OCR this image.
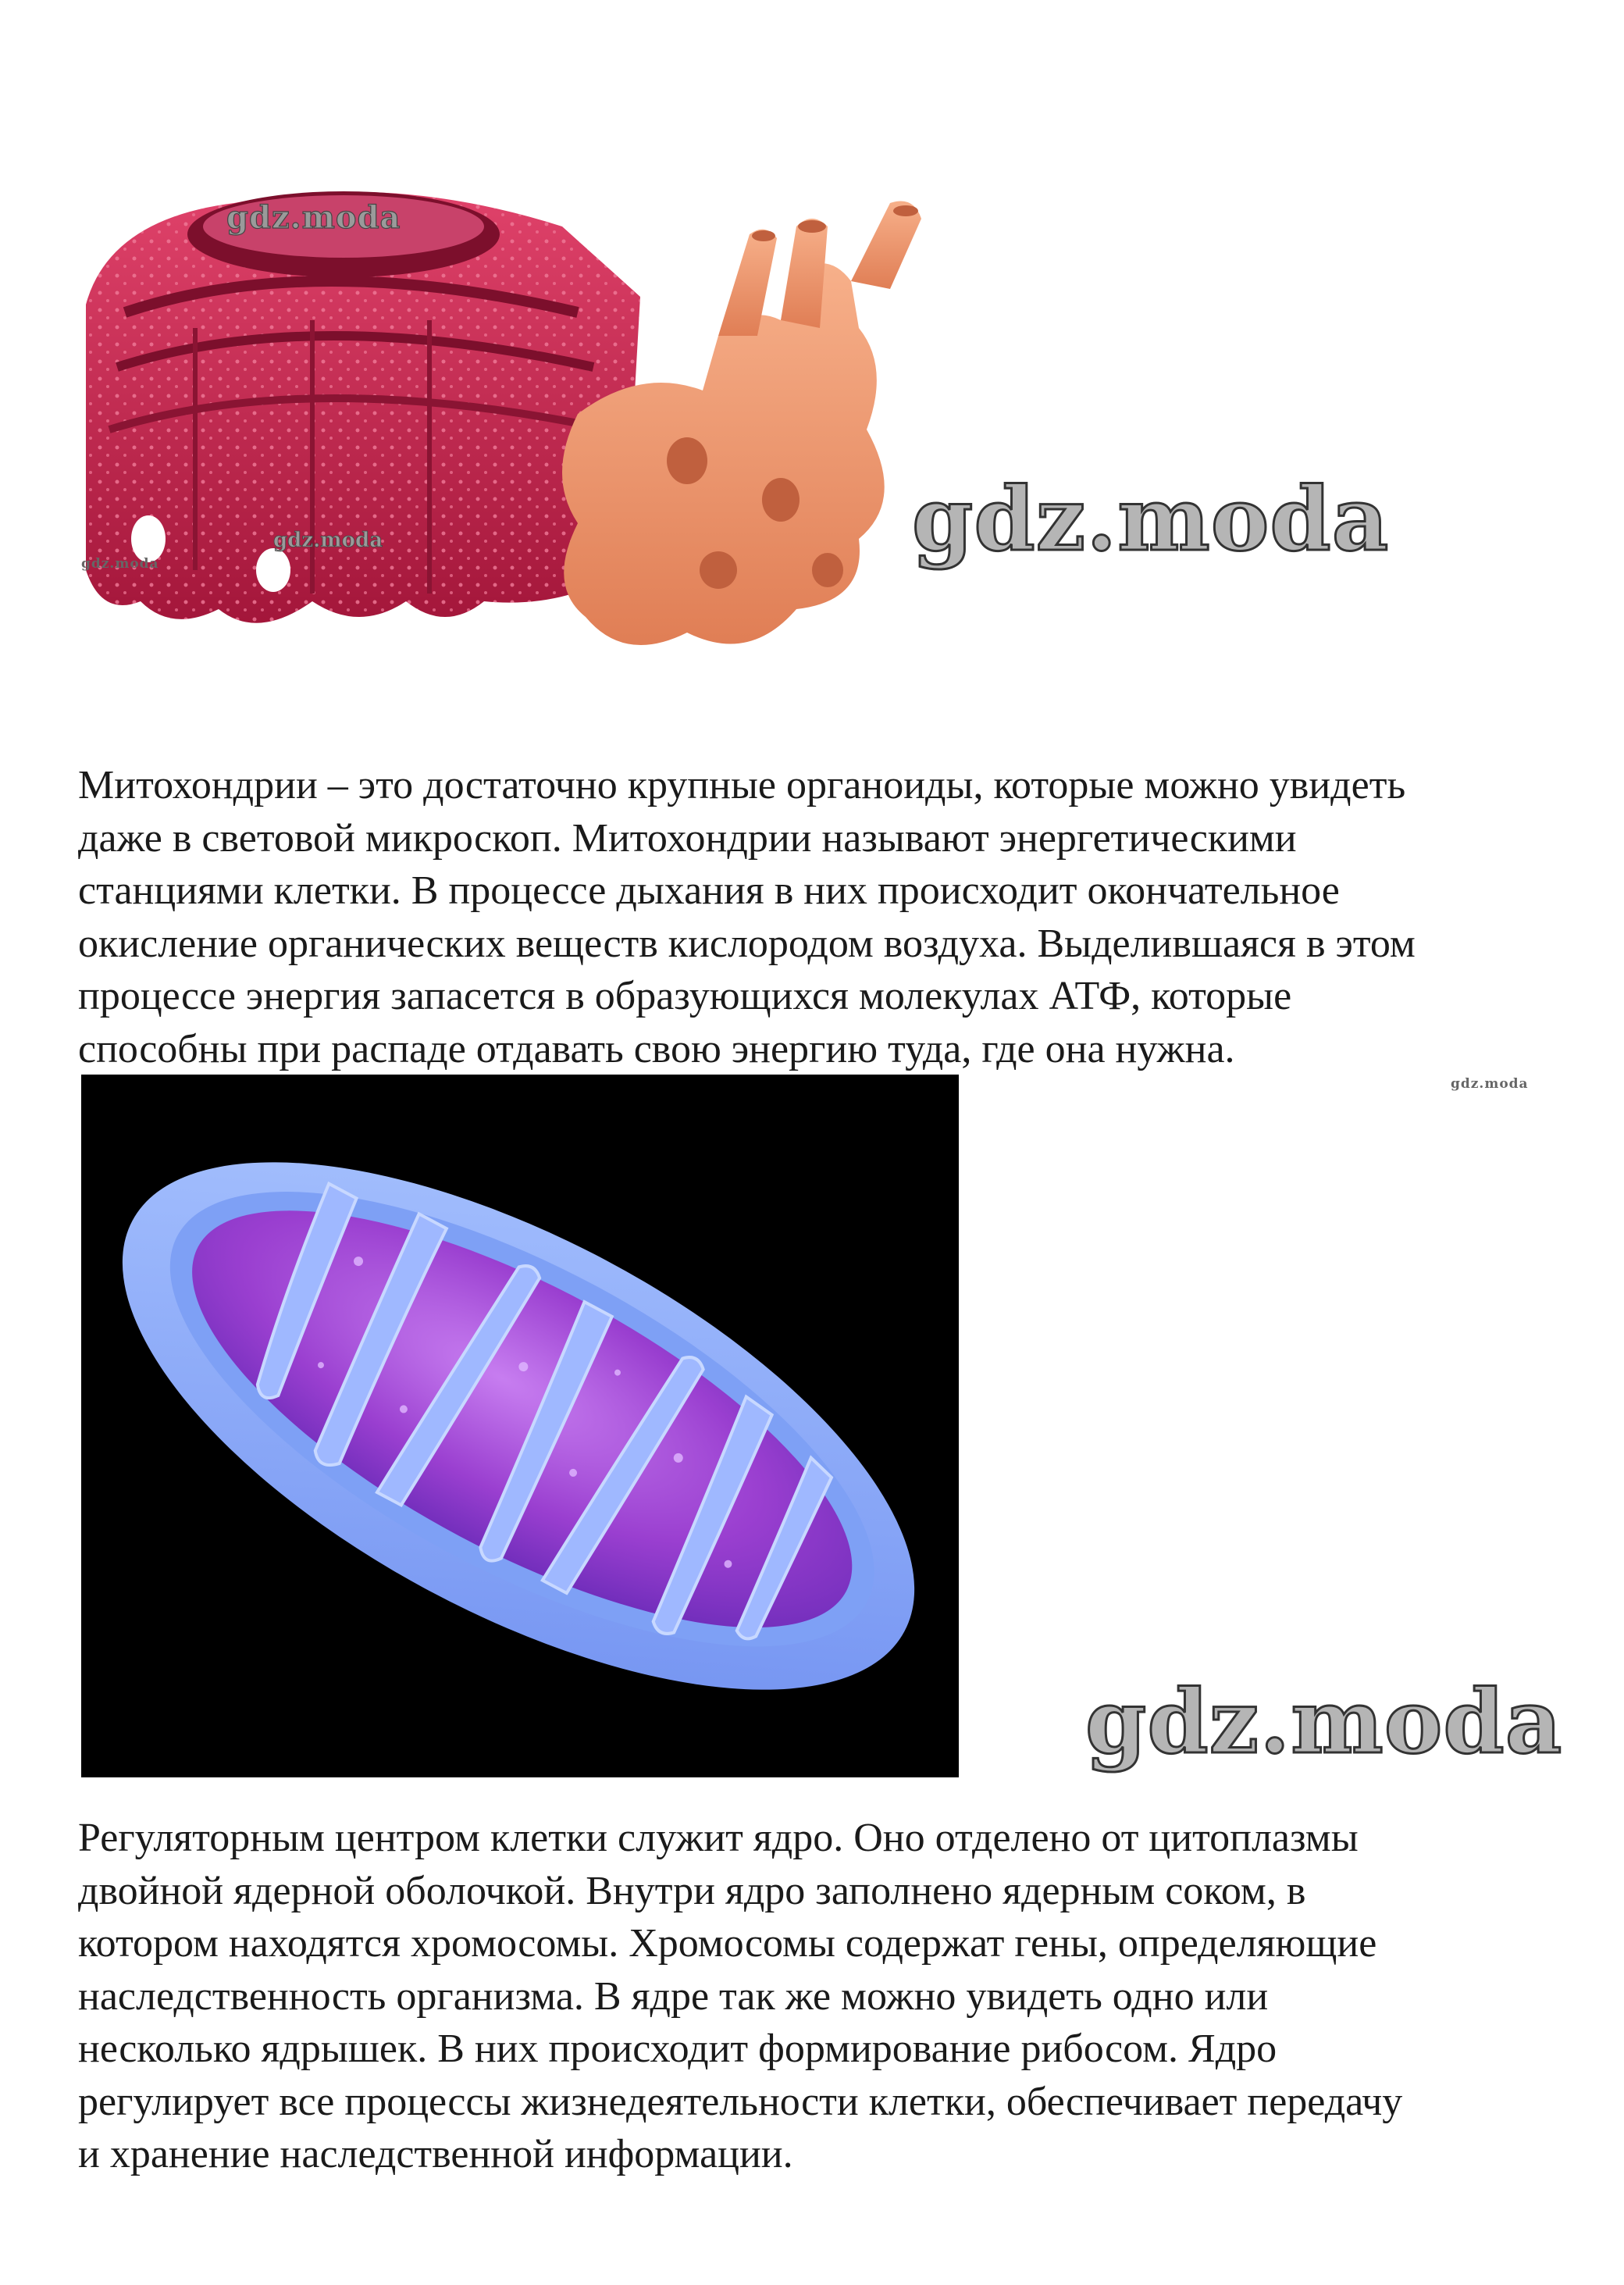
gdz.moda
gdz.moda
gdz.moda	gdz.moda
Митохондрии – это достаточно крупные органоиды, которые можно увидеть
даже в световой микроскоп. Митохондрии называют энергетическими
станциями клетки. В процессе дыхания в них происходит окончательное
окисление органических веществ кислородом воздуха. Выделившаяся в этом
процессе энергия запасется в образующихся молекулах АТФ, которые
способны при распаде отдавать свою энергию туда, где она нужна.
gdz.moda
gdz.moda
Регуляторным центром клетки служит ядро. Оно отделено от цитоплазмы
двойной ядерной оболочкой. Внутри ядро заполнено ядерным соком, в
котором находятся хромосомы. Хромосомы содержат гены, определяющие
наследственность организма. В ядре так же можно увидеть одно или
несколько ядрышек. В них происходит формирование рибосом. Ядро
регулирует все процессы жизнедеятельности клетки, обеспечивает передачу
и хранение наследственной информации.
